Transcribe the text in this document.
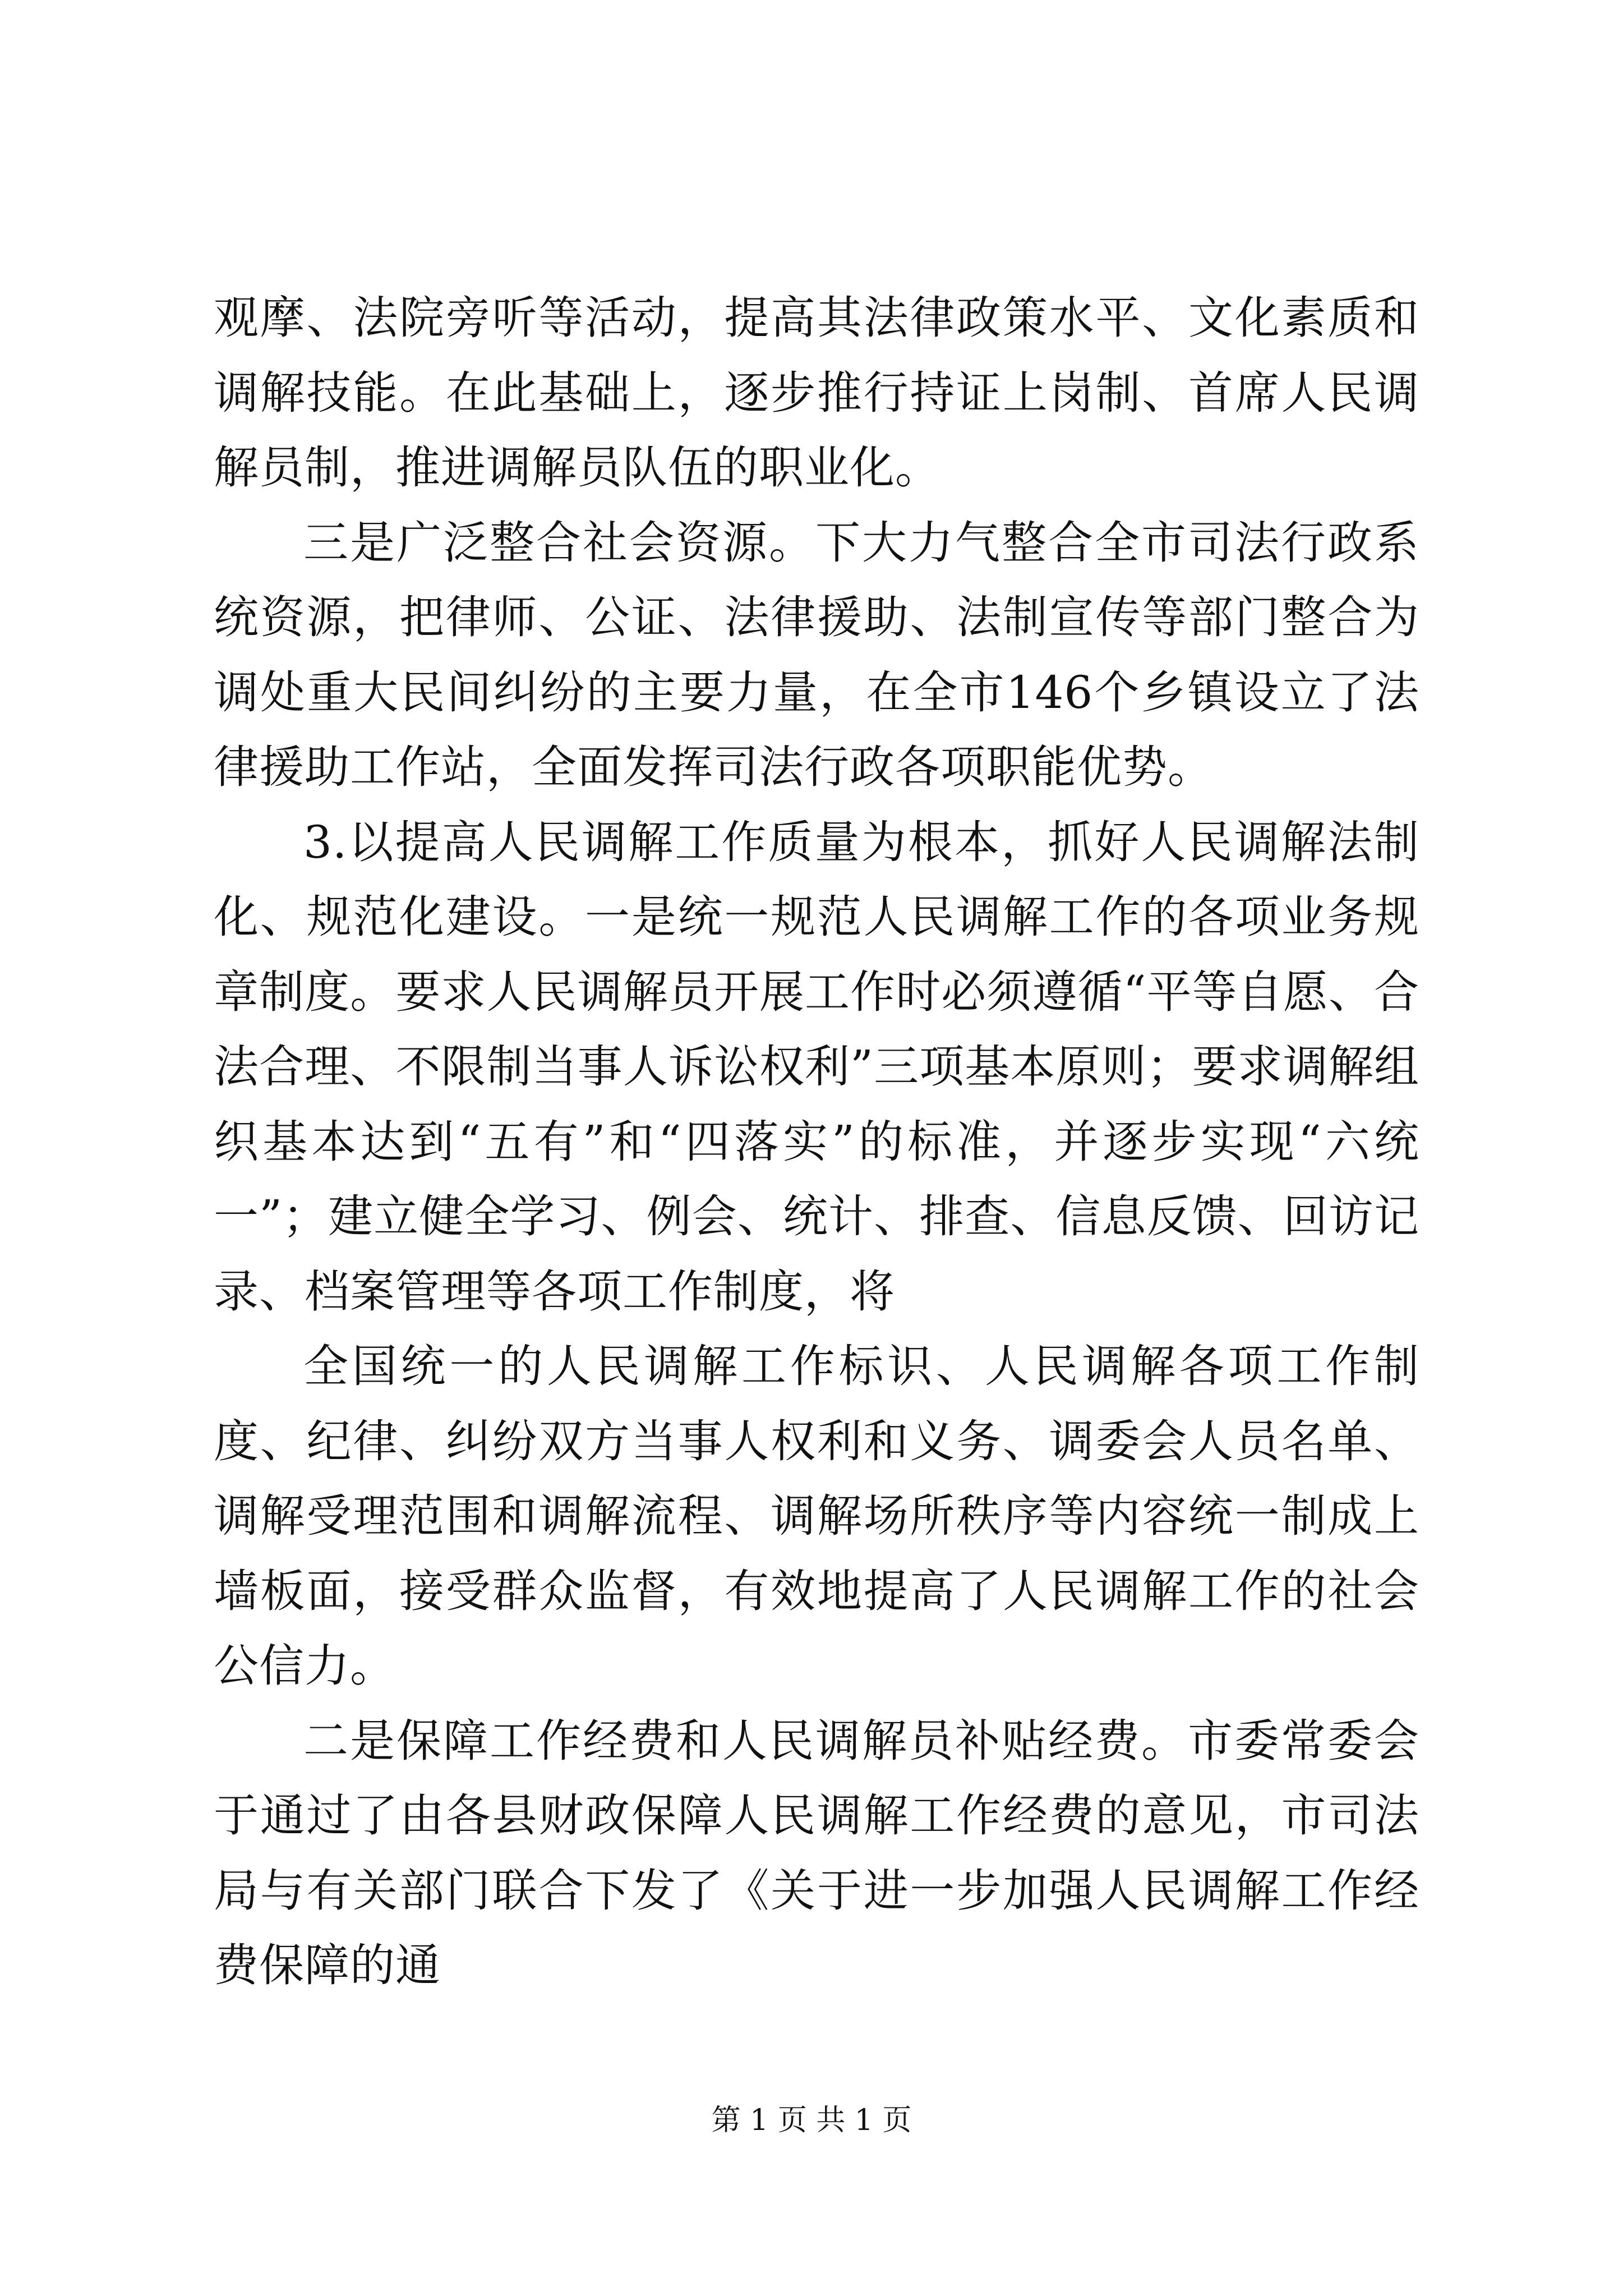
观摩、法院旁听等活动，提高其法律政策水平、文化素质和调解技能。在此基础上，逐步推行持证上岗制、首席人民调解员制，推进调解员队伍的职业化。

三是广泛整合社会资源。下大力气整合全市司法行政系统资源，把律师、公证、法律援助、法制宣传等部门整合为调处重大民间纠纷的主要力量，在全市146个乡镇设立了法律援助工作站，全面发挥司法行政各项职能优势。

3.以提高人民调解工作质量为根本，抓好人民调解法制化、规范化建设。一是统一规范人民调解工作的各项业务规章制度。要求人民调解员开展工作时必须遵循“平等自愿、合法合理、不限制当事人诉讼权利”三项基本原则；要求调解组织基本达到“五有”和“四落实”的标准，并逐步实现“六统一”；建立健全学习、例会、统计、排查、信息反馈、回访记录、档案管理等各项工作制度，将

全国统一的人民调解工作标识、人民调解各项工作制度、纪律、纠纷双方当事人权利和义务、调委会人员名单、调解受理范围和调解流程、调解场所秩序等内容统一制成上墙板面，接受群众监督，有效地提高了人民调解工作的社会公信力。

二是保障工作经费和人民调解员补贴经费。市委常委会于通过了由各县财政保障人民调解工作经费的意见，市司法局与有关部门联合下发了《关于进一步加强人民调解工作经费保障的通

第 1 页 共 1 页
